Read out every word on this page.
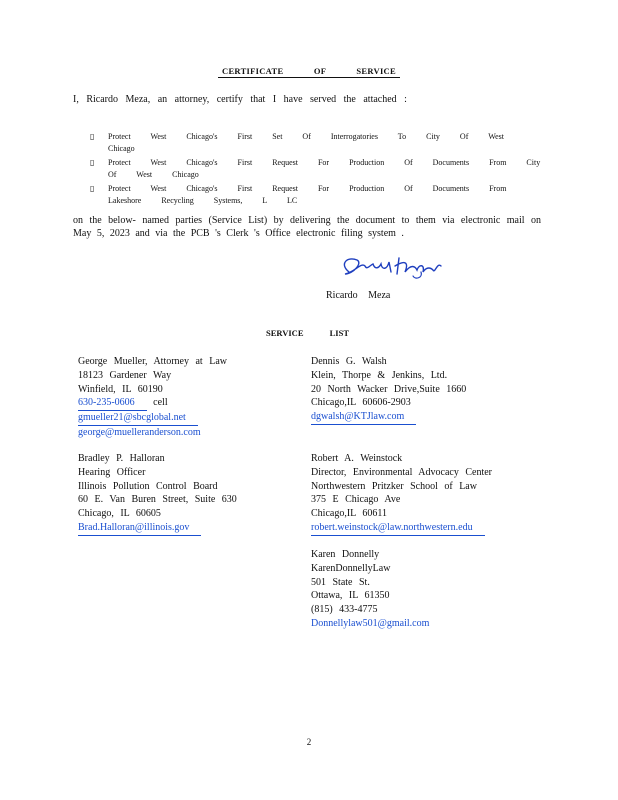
CERTIFICATE OF SERVICE
I, Ricardo Meza, an attorney, certify that I have served the attached :
▯	Protect West Chicago's First Set Of Interrogatories To City Of West Chicago
▯	Protect West Chicago's First Request For Production Of Documents From City Of West Chicago
▯	Protect West Chicago's First Request For Production Of Documents From Lakeshore Recycling Systems, L LC
on the below- named parties (Service List) by delivering the document to them via electronic mail on May 5, 2023 and via the PCB 's Clerk 's Office electronic filing system .
Ricardo Meza
SERVICE LIST
George Mueller, Attorney at Law
18123 Gardener Way
Winfield, IL 60190
630-235-0606 cell
gmueller21@sbcglobal.net
george@muelleranderson.com
Bradley P. Halloran
Hearing Officer
Illinois Pollution Control Board
60 E. Van Buren Street, Suite 630
Chicago, IL 60605
Brad.Halloran@illinois.gov
Dennis G. Walsh
Klein, Thorpe & Jenkins, Ltd.
20 North Wacker Drive,Suite 1660
Chicago,IL 60606-2903
dgwalsh@KTJlaw.com
Robert A. Weinstock
Director, Environmental Advocacy Center
Northwestern Pritzker School of Law
375 E Chicago Ave
Chicago,IL 60611
robert.weinstock@law.northwestern.edu
Karen Donnelly
KarenDonnellyLaw
501 State St.
Ottawa, IL 61350
(815) 433-4775
Donnellylaw501@gmail.com
2
